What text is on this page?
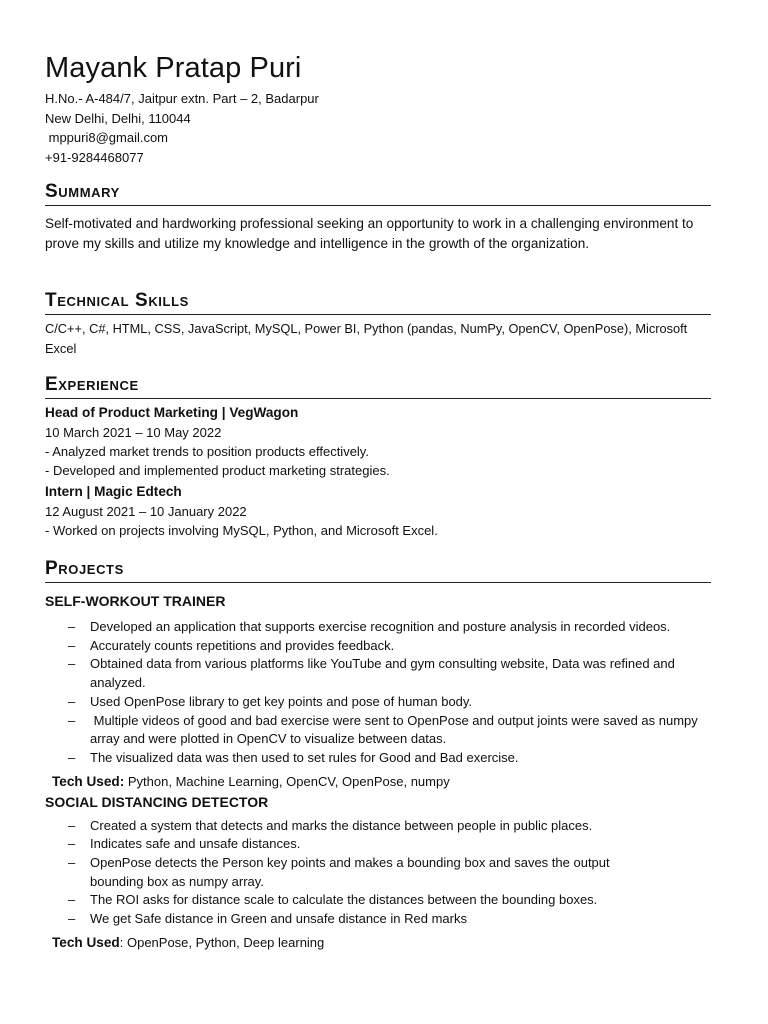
Mayank Pratap Puri
H.No.- A-484/7, Jaitpur extn. Part – 2, Badarpur
New Delhi, Delhi, 110044
mppuri8@gmail.com
+91-9284468077
Summary

Self-motivated and hardworking professional seeking an opportunity to work in a challenging environment to prove my skills and utilize my knowledge and intelligence in the growth of the organization.

Technical Skills

C/C++, C#, HTML, CSS, JavaScript, MySQL, Power BI, Python (pandas, NumPy, OpenCV, OpenPose), Microsoft Excel

Experience
Head of Product Marketing | VegWagon
10 March 2021 – 10 May 2022
- Analyzed market trends to position products effectively.
- Developed and implemented product marketing strategies.
Intern | Magic Edtech
12 August 2021 – 10 January 2022
- Worked on projects involving MySQL, Python, and Microsoft Excel.
Projects
SELF-WORKOUT TRAINER
– Developed an application that supports exercise recognition and posture analysis in recorded videos.
– Accurately counts repetitions and provides feedback.
– Obtained data from various platforms like YouTube and gym consulting website, Data was refined and analyzed.
– Used OpenPose library to get key points and pose of human body.
– Multiple videos of good and bad exercise were sent to OpenPose and output joints were saved as numpy array and were plotted in OpenCV to visualize between datas.
– The visualized data was then used to set rules for Good and Bad exercise.
Tech Used: Python, Machine Learning, OpenCV, OpenPose, numpy
SOCIAL DISTANCING DETECTOR
– Created a system that detects and marks the distance between people in public places.
– Indicates safe and unsafe distances.
– OpenPose detects the Person key points and makes a bounding box and saves the output bounding box as numpy array.
– The ROI asks for distance scale to calculate the distances between the bounding boxes.
– We get Safe distance in Green and unsafe distance in Red marks
Tech Used: OpenPose, Python, Deep learning
